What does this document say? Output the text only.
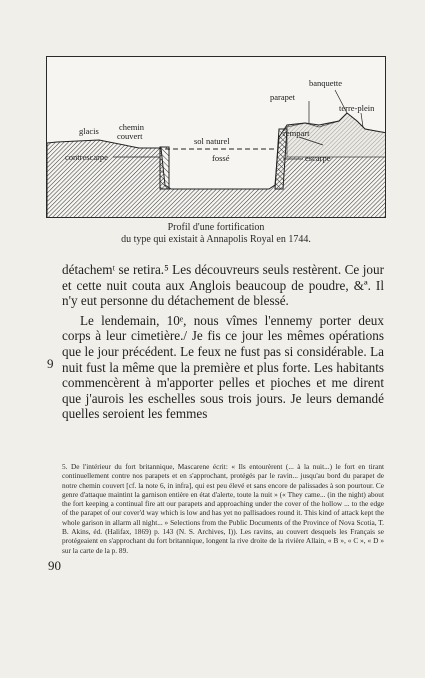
banquette
parapet
terre-plein
glacis chemin
couvert	sol naturel
rempart
contrescarpe	fossé	escarpe
Profil d'une fortification
du type qui existait à Annapolis Royal en 1744.
9

détachemᵗ se retira.⁵ Les découvreurs seuls restèrent. Ce jour et cette nuit couta aux Anglois beaucoup de poudre, &ª. Il n'y eut personne du détachement de blessé.

Le lendemain, 10ᵉ, nous vîmes l'ennemy porter deux corps à leur cimetière./ Je fis ce jour les mêmes opérations que le jour précédent. Le feux ne fust pas si considérable. La nuit fust la même que la première et plus forte. Les habitants commencèrent à m'apporter pelles et pioches et me dirent que j'aurois les eschelles sous trois jours. Je leurs demandé quelles seroient les femmes

5. De l'intérieur du fort britannique, Mascarene écrit: « Ils entourèrent (... à la nuit...) le fort en tirant continuellement contre nos parapets et en s'approchant, protégés par le ravin... jusqu'au bord du parapet de notre chemin couvert [cf. la note 6, in infra], qui est peu élevé et sans encore de palissades à son pourtour. Ce genre d'attaque maintint la garnison entière en état d'alerte, toute la nuit » (« They came... (in the night) about the fort keeping a continual fire att our parapets and approaching under the cover of the hollow ... to the edge of the parapet of our cover'd way which is low and has yet no pallisadoes round it. This kind of attack kept the whole garison in allarm all night... » Selections from the Public Documents of the Province of Nova Scotia, T. B. Akins, éd. (Halifax, 1869) p. 143 (N. S. Archives, I)). Les ravins, au couvert desquels les Français se protégeaient en s'approchant du fort britannique, longent la rive droite de la rivière Allain, « B », « C », « D » sur la carte de la p. 89.
90
